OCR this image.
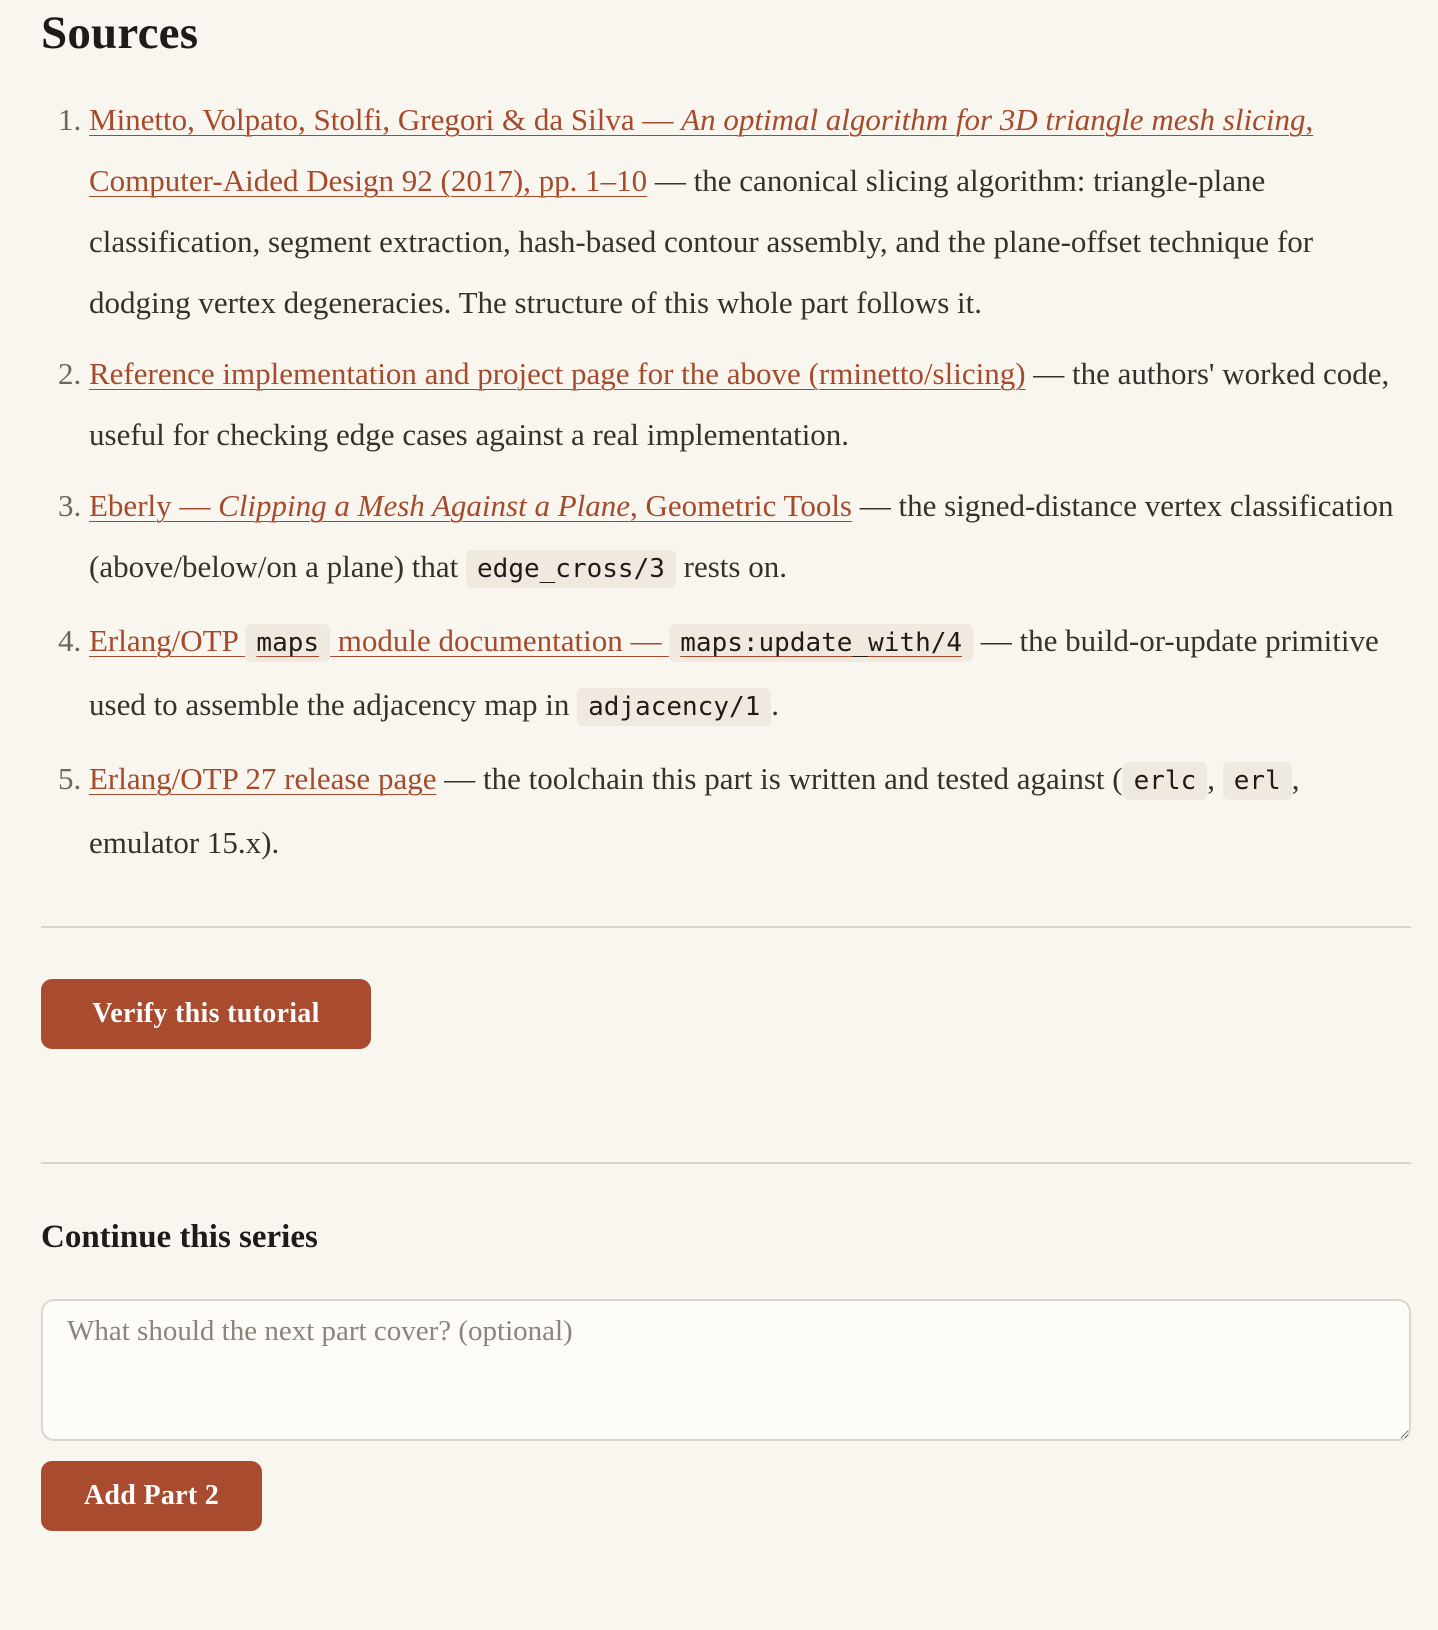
Sources
1. Minetto, Volpato, Stolfi, Gregori & da Silva — An optimal algorithm for 3D triangle mesh slicing, Computer-Aided Design 92 (2017), pp. 1–10 — the canonical slicing algorithm: triangle-plane classification, segment extraction, hash-based contour assembly, and the plane-offset technique for dodging vertex degeneracies. The structure of this whole part follows it.
2. Reference implementation and project page for the above (rminetto/slicing) — the authors' worked code, useful for checking edge cases against a real implementation.
3. Eberly — Clipping a Mesh Against a Plane, Geometric Tools — the signed-distance vertex classification (above/below/on a plane) that edge_cross/3 rests on.
4. Erlang/OTP maps module documentation — maps:update_with/4 — the build-or-update primitive used to assemble the adjacency map in adjacency/1 .
5. Erlang/OTP 27 release page — the toolchain this part is written and tested against ( erlc , erl , emulator 15.x).
Verify this tutorial
Continue this series
What should the next part cover? (optional) Add Part 2
